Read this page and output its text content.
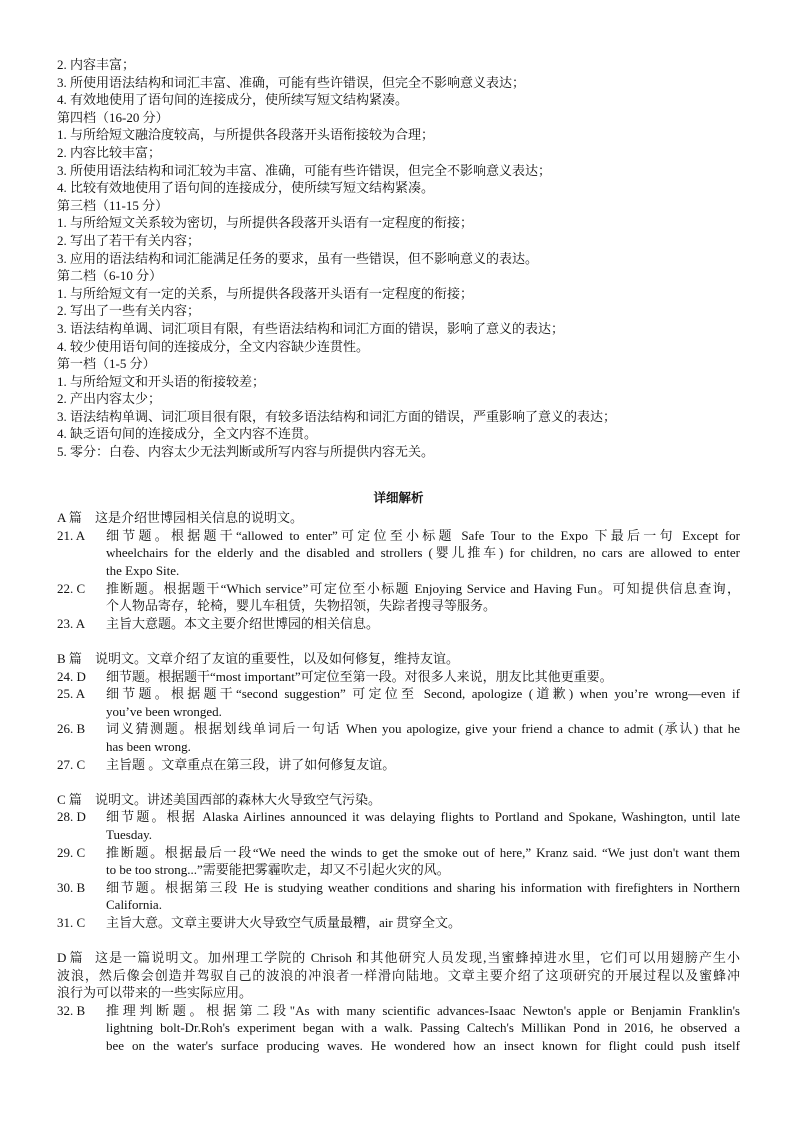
2. 内容丰富；
3. 所使用语法结构和词汇丰富、准确，可能有些许错误，但完全不影响意义表达；
4. 有效地使用了语句间的连接成分，使所续写短文结构紧凑。
第四档（16-20 分）
1. 与所给短文融洽度较高，与所提供各段落开头语衔接较为合理；
2. 内容比较丰富；
3. 所使用语法结构和词汇较为丰富、准确，可能有些许错误，但完全不影响意义表达；
4. 比较有效地使用了语句间的连接成分，使所续写短文结构紧凑。
第三档（11-15 分）
1. 与所给短文关系较为密切，与所提供各段落开头语有一定程度的衔接；
2. 写出了若干有关内容；
3. 应用的语法结构和词汇能满足任务的要求，虽有一些错误，但不影响意义的表达。
第二档（6-10 分）
1. 与所给短文有一定的关系，与所提供各段落开头语有一定程度的衔接；
2. 写出了一些有关内容；
3. 语法结构单调、词汇项目有限，有些语法结构和词汇方面的错误，影响了意义的表达；
4. 较少使用语句间的连接成分，全文内容缺少连贯性。
第一档（1-5 分）
1. 与所给短文和开头语的衔接较差；
2. 产出内容太少；
3. 语法结构单调、词汇项目很有限，有较多语法结构和词汇方面的错误，严重影响了意义的表达；
4. 缺乏语句间的连接成分，全文内容不连贯。
5. 零分：白卷、内容太少无法判断或所写内容与所提供内容无关。
详细解析
A 篇	这是介绍世博园相关信息的说明文。
21. A	细节题。根据题干“allowed to enter”可定位至小标题 Safe Tour to the Expo 下最后一句 Except for
wheelchairs for the elderly and the disabled and strollers (婴儿推车) for children, no cars are allowed to enter
the Expo Site.
22. C	推断题。根据题干“Which service”可定位至小标题 Enjoying Service and Having Fun。可知提供信息查询，
个人物品寄存，轮椅，婴儿车租赁，失物招领，失踪者搜寻等服务。
23. A	主旨大意题。本文主要介绍世博园的相关信息。
B 篇	说明文。文章介绍了友谊的重要性，以及如何修复，维持友谊。
24. D	细节题。根据题干“most important”可定位至第一段。对很多人来说，朋友比其他更重要。
25. A	细节题。根据题干“second suggestion” 可定位至 Second, apologize (道歉) when you’re wrong—even if
you’ve been wronged.
26. B	词义猜测题。根据划线单词后一句话 When you apologize, give your friend a chance to admit (承认) that he
has been wrong.
27. C	主旨题 。文章重点在第三段，讲了如何修复友谊。
C 篇	说明文。讲述美国西部的森林大火导致空气污染。
28. D	细节题。根据 Alaska Airlines announced it was delaying flights to Portland and Spokane, Washington, until late
Tuesday.
29. C	推断题。根据最后一段“We need the winds to get the smoke out of here,” Kranz said. “We just don't want them
to be too strong...”需要能把雾霾吹走，却又不引起火灾的风。
30. B	细节题。根据第三段 He is studying weather conditions and sharing his information with firefighters in Northern
California.
31. C	主旨大意。文章主要讲大火导致空气质量最糟，air 贯穿全文。
D 篇 这是一篇说明文。加州理工学院的 Chrisoh 和其他研究人员发现,当蜜蜂掉进水里，它们可以用翅膀产生小
波浪，然后像会创造并驾驭自己的波浪的冲浪者一样滑向陆地。文章主要介绍了这项研究的开展过程以及蜜蜂冲
浪行为可以带来的一些实际应用。
32. B	推理判断题。根据第二段"As with many scientific advances-Isaac Newton's apple or Benjamin Franklin's
lightning bolt-Dr.Roh's experiment began with a walk. Passing Caltech's Millikan Pond in 2016, he observed a
bee on the water's surface producing waves. He wondered how an insect known for flight could push itself
